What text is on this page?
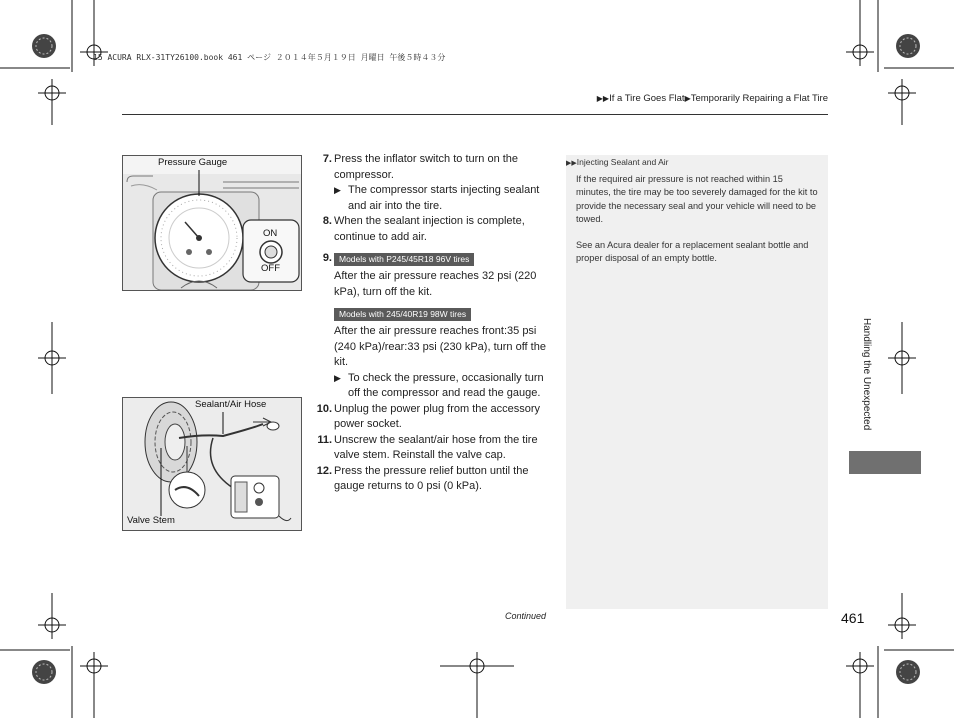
15 ACURA RLX-31TY26100.book 461 ページ ２０１４年５月１９日 月曜日 午後５時４３分
▶▶If a Tire Goes Flat▶Temporarily Repairing a Flat Tire
Pressure Gauge
ON
OFF
Sealant/Air Hose
Valve Stem
7. Press the inflator switch to turn on the compressor.
▶ The compressor starts injecting sealant and air into the tire.
8. When the sealant injection is complete, continue to add air.
9. Models with P245/45R18 96V tires
After the air pressure reaches 32 psi (220 kPa), turn off the kit.
Models with 245/40R19 98W tires
After the air pressure reaches front:35 psi (240 kPa)/rear:33 psi (230 kPa), turn off the kit.
▶ To check the pressure, occasionally turn off the compressor and read the gauge.
10. Unplug the power plug from the accessory power socket.
11. Unscrew the sealant/air hose from the tire valve stem. Reinstall the valve cap.
12. Press the pressure relief button until the gauge returns to 0 psi (0 kPa).
▶▶Injecting Sealant and Air

If the required air pressure is not reached within 15 minutes, the tire may be too severely damaged for the kit to provide the necessary seal and your vehicle will need to be towed.

See an Acura dealer for a replacement sealant bottle and proper disposal of an empty bottle.

Handling the Unexpected
Continued	461
